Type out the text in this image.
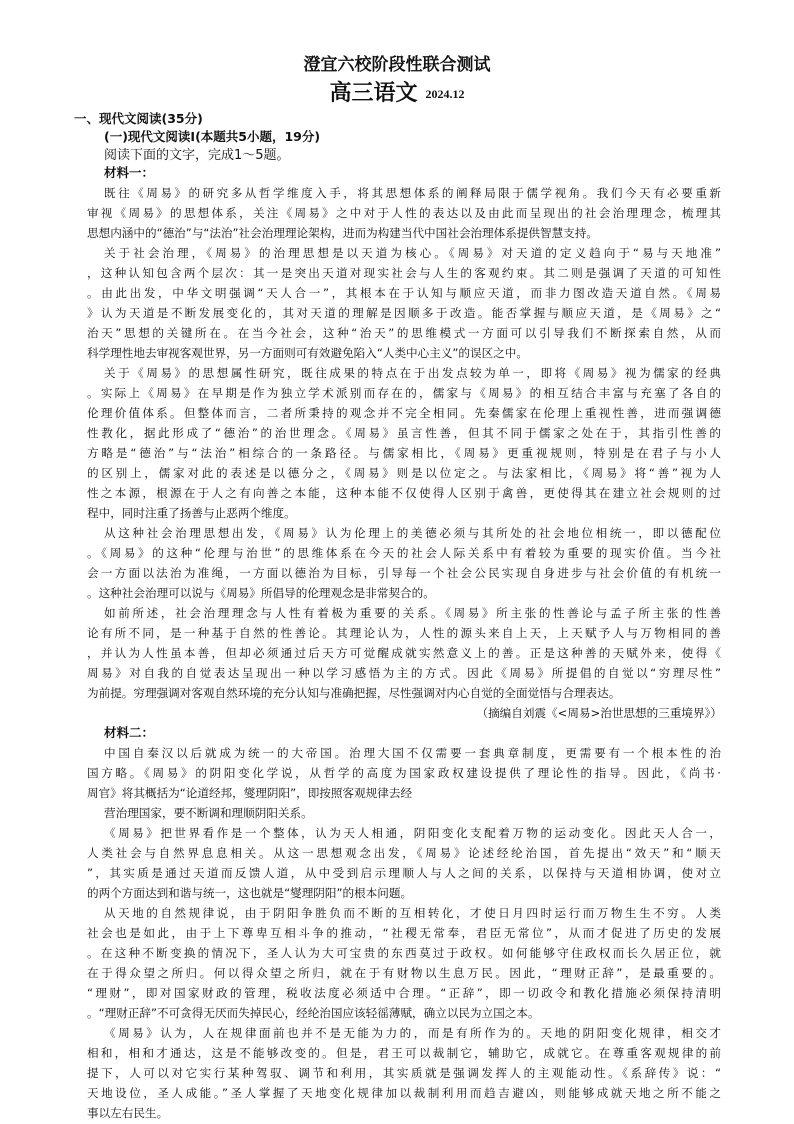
澄宜六校阶段性联合测试
高三语文 2024.12
一、现代文阅读(35分)
(一)现代文阅读I(本题共5小题，19分)
阅读下面的文字，完成1～5题。
材料一：
既往《周易》的研究多从哲学维度入手，将其思想体系的阐释局限于儒学视角。我们今天有必要重新
审视《周易》的思想体系，关注《周易》之中对于人性的表达以及由此而呈现出的社会治理理念，梳理其
思想内涵中的“德治”与“法治”社会治理理论架构，进而为构建当代中国社会治理体系提供智慧支持。
关于社会治理，《周易》的治理思想是以天道为核心。《周易》对天道的定义趋向于“易与天地准”
，这种认知包含两个层次：其一是突出天道对现实社会与人生的客观约束。其二则是强调了天道的可知性
。由此出发，中华文明强调“天人合一”，其根本在于认知与顺应天道，而非力图改造天道自然。《周易
》认为天道是不断发展变化的，其对天道的理解是因顺多于改造。能否掌握与顺应天道，是《周易》之“
治天”思想的关键所在。在当今社会，这种“治天”的思维模式一方面可以引导我们不断探索自然，从而
科学理性地去审视客观世界，另一方面则可有效避免陷入“人类中心主义”的误区之中。
关于《周易》的思想属性研究，既往成果的特点在于出发点较为单一，即将《周易》视为儒家的经典
。实际上《周易》在早期是作为独立学术派别而存在的，儒家与《周易》的相互结合丰富与充塞了各自的
伦理价值体系。但整体而言，二者所秉持的观念并不完全相同。先秦儒家在伦理上重视性善，进而强调德
性教化，据此形成了“德治”的治世理念。《周易》虽言性善，但其不同于儒家之处在于，其指引性善的
方略是“德治”与“法治”相综合的一条路径。与儒家相比，《周易》更重视规则，特别是在君子与小人
的区别上，儒家对此的表述是以德分之，《周易》则是以位定之。与法家相比，《周易》将“善”视为人
性之本源，根源在于人之有向善之本能，这种本能不仅使得人区别于禽兽，更使得其在建立社会规则的过
程中，同时注重了扬善与止恶两个维度。
从这种社会治理思想出发，《周易》认为伦理上的美德必须与其所处的社会地位相统一，即以德配位
。《周易》的这种“伦理与治世”的思维体系在今天的社会人际关系中有着较为重要的现实价值。当今社
会一方面以法治为准绳，一方面以德治为目标，引导每一个社会公民实现自身进步与社会价值的有机统一
。这种社会治理可以说与《周易》所倡导的伦理观念是非常契合的。
如前所述，社会治理理念与人性有着极为重要的关系。《周易》所主张的性善论与孟子所主张的性善
论有所不同，是一种基于自然的性善论。其理论认为，人性的源头来自上天，上天赋予人与万物相同的善
，并认为人性虽本善，但却必须通过后天方可觉醒成就实然意义上的善。正是这种善的天赋外来，使得《
周易》对自我的自觉表达呈现出一种以学习感悟为主的方式。因此《周易》所提倡的自觉以“穷理尽性”
为前提。穷理强调对客观自然环境的充分认知与准确把握，尽性强调对内心自觉的全面觉悟与合理表达。
（摘编自刘震《<周易>治世思想的三重境界》）
材料二：
中国自秦汉以后就成为统一的大帝国。治理大国不仅需要一套典章制度，更需要有一个根本性的治
国方略。《周易》的阴阳变化学说，从哲学的高度为国家政权建设提供了理论性的指导。因此，《尚书·
周官》将其概括为“论道经邦，燮理阴阳”，即按照客观规律去经
营治理国家，要不断调和理顺阴阳关系。
《周易》把世界看作是一个整体，认为天人相通，阴阳变化支配着万物的运动变化。因此天人合一，
人类社会与自然界息息相关。从这一思想观念出发，《周易》论述经纶治国，首先提出“效天”和“顺天
”，其实质是通过天道而反馈人道，从中受到启示理顺人与人之间的关系，以保持与天道相协调，使对立
的两个方面达到和谐与统一，这也就是“燮理阴阳”的根本问题。
从天地的自然规律说，由于阴阳争胜负而不断的互相转化，才使日月四时运行而万物生生不穷。人类
社会也是如此，由于上下尊卑互相斗争的推动，“社稷无常奉，君臣无常位”，从而才促进了历史的发展
。在这种不断变换的情况下，圣人认为大可宝贵的东西莫过于政权。如何能够守住政权而长久居正位，就
在于得众望之所归。何以得众望之所归，就在于有财物以生息万民。因此，“理财正辞”，是最重要的。
“理财”，即对国家财政的管理，税收法度必须适中合理。“正辞”，即一切政令和教化措施必须保持清明
。“理财正辞”不可贪得无厌而失掉民心，经纶治国应该轻徭薄赋，确立以民为立国之本。
《周易》认为，人在规律面前也并不是无能为力的，而是有所作为的。天地的阴阳变化规律，相交才
相和，相和才通达，这是不能够改变的。但是，君王可以裁制它，辅助它，成就它。在尊重客观规律的前
提下，人可以对它实行某种驾驭、调节和利用，其实质就是强调发挥人的主观能动性。《系辞传》说：“
天地设位，圣人成能。”圣人掌握了天地变化规律加以裁制利用而趋吉避凶，则能够成就天地之所不能之
事以左右民生。
